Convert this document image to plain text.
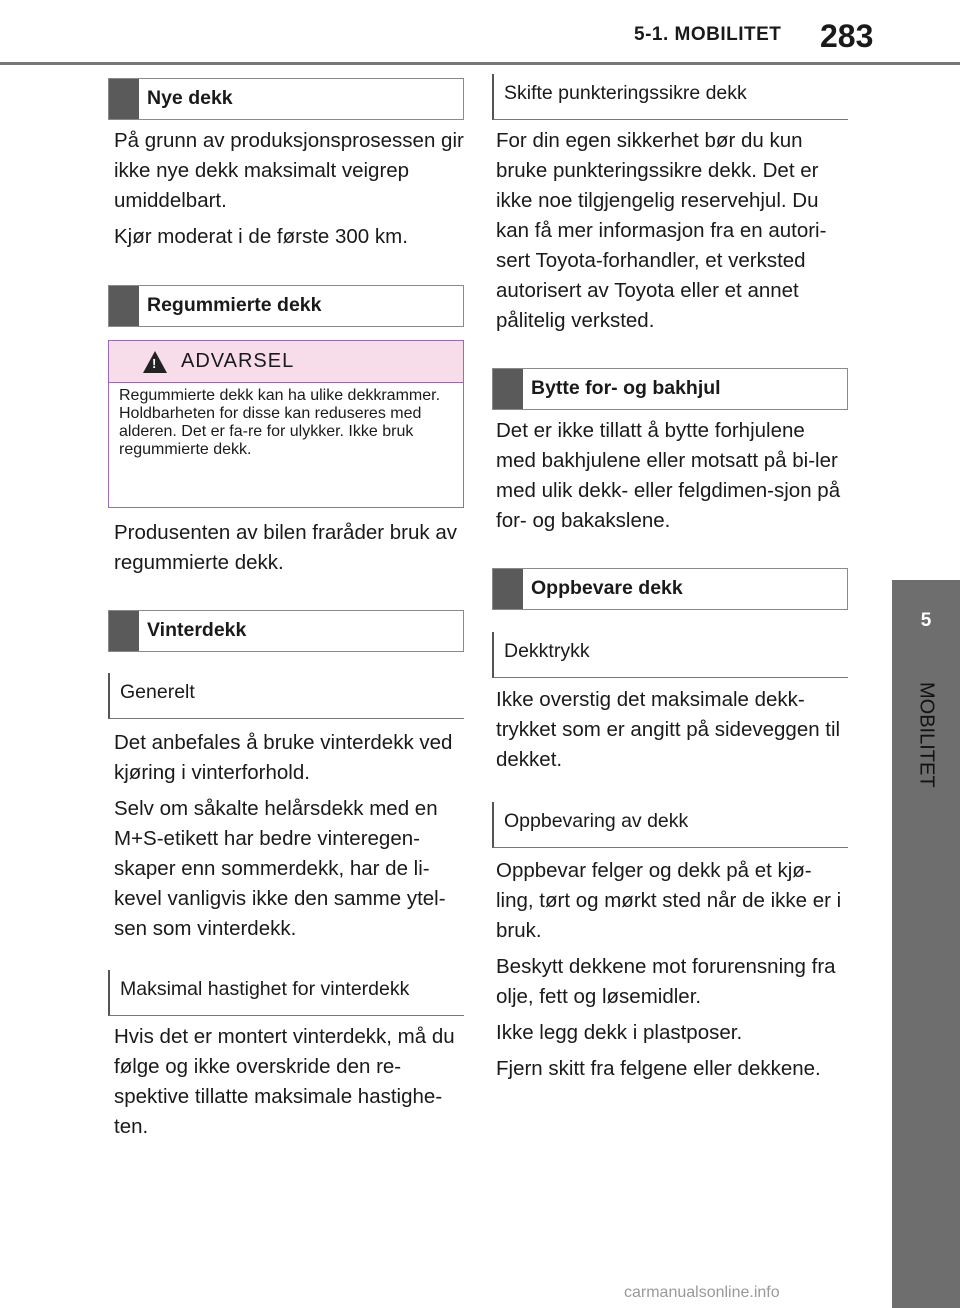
5-1. MOBILITET 283
5
MOBILITET
Nye dekk

På grunn av produksjonsprosessen gir ikke nye dekk maksimalt veigrep umiddelbart.

Kjør moderat i de første 300 km.

Regummierte dekk
!
ADVARSEL
Regummierte dekk kan ha ulike dekkrammer. Holdbarheten for disse kan reduseres med alderen. Det er fa-re for ulykker. Ikke bruk regummierte dekk.

Produsenten av bilen fraråder bruk av regummierte dekk.

Vinterdekk
Generelt

Det anbefales å bruke vinterdekk ved kjøring i vinterforhold.

Selv om såkalte helårsdekk med en M+S-etikett har bedre vinteregen-skaper enn sommerdekk, har de li-kevel vanligvis ikke den samme ytel-sen som vinterdekk.

Maksimal hastighet for vinterdekk

Hvis det er montert vinterdekk, må du følge og ikke overskride den re-spektive tillatte maksimale hastighe-ten.

Skifte punkteringssikre dekk

For din egen sikkerhet bør du kun bruke punkteringssikre dekk. Det er ikke noe tilgjengelig reservehjul. Du kan få mer informasjon fra en autori-sert Toyota-forhandler, et verksted autorisert av Toyota eller et annet pålitelig verksted.

Bytte for- og bakhjul

Det er ikke tillatt å bytte forhjulene med bakhjulene eller motsatt på bi-ler med ulik dekk- eller felgdimen-sjon på for- og bakakslene.

Oppbevare dekk
Dekktrykk

Ikke overstig det maksimale dekk-trykket som er angitt på sideveggen til dekket.

Oppbevaring av dekk

Oppbevar felger og dekk på et kjø-ling, tørt og mørkt sted når de ikke er i bruk.

Beskytt dekkene mot forurensning fra olje, fett og løsemidler.

Ikke legg dekk i plastposer.

Fjern skitt fra felgene eller dekkene.

carmanualsonline.info
